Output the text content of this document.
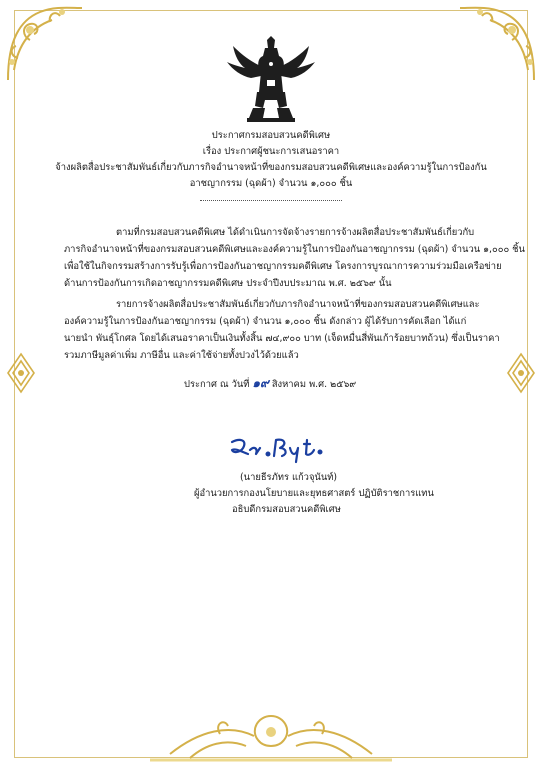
ประกาศกรมสอบสวนคดีพิเศษ
เรื่อง ประกาศผู้ชนะการเสนอราคา
จ้างผลิตสื่อประชาสัมพันธ์เกี่ยวกับภารกิจอำนาจหน้าที่ของกรมสอบสวนคดีพิเศษและองค์ความรู้ในการป้องกัน
อาชญากรรม (ฉุดผ้า) จำนวน ๑,๐๐๐ ชิ้น
ตามที่กรมสอบสวนคดีพิเศษ ได้ดำเนินการจัดจ้างรายการจ้างผลิตสื่อประชาสัมพันธ์เกี่ยวกับ
ภารกิจอำนาจหน้าที่ของกรมสอบสวนคดีพิเศษและองค์ความรู้ในการป้องกันอาชญากรรม (ฉุดผ้า) จำนวน ๑,๐๐๐ ชิ้น
เพื่อใช้ในกิจกรรมสร้างการรับรู้เพื่อการป้องกันอาชญากรรมคดีพิเศษ โครงการบูรณาการความร่วมมือเครือข่าย
ด้านการป้องกันการเกิดอาชญากรรมคดีพิเศษ ประจำปีงบประมาณ พ.ศ. ๒๕๖๙ นั้น
รายการจ้างผลิตสื่อประชาสัมพันธ์เกี่ยวกับภารกิจอำนาจหน้าที่ของกรมสอบสวนคดีพิเศษและ
องค์ความรู้ในการป้องกันอาชญากรรม (ฉุดผ้า) จำนวน ๑,๐๐๐ ชิ้น ดังกล่าว ผู้ได้รับการคัดเลือก ได้แก่
นายนำ พันธุ์โกศล โดยได้เสนอราคาเป็นเงินทั้งสิ้น ๗๔,๙๐๐ บาท (เจ็ดหมื่นสี่พันเก้าร้อยบาทถ้วน) ซึ่งเป็นราคา
รวมภาษีมูลค่าเพิ่ม ภาษีอื่น และค่าใช้จ่ายทั้งปวงไว้ด้วยแล้ว
ประกาศ ณ วันที่ ๑๙ สิงหาคม พ.ศ. ๒๕๖๙
(นายธีรภัทร แก้วจุนันท์)
ผู้อำนวยการกองนโยบายและยุทธศาสตร์ ปฏิบัติราชการแทน
อธิบดีกรมสอบสวนคดีพิเศษ
